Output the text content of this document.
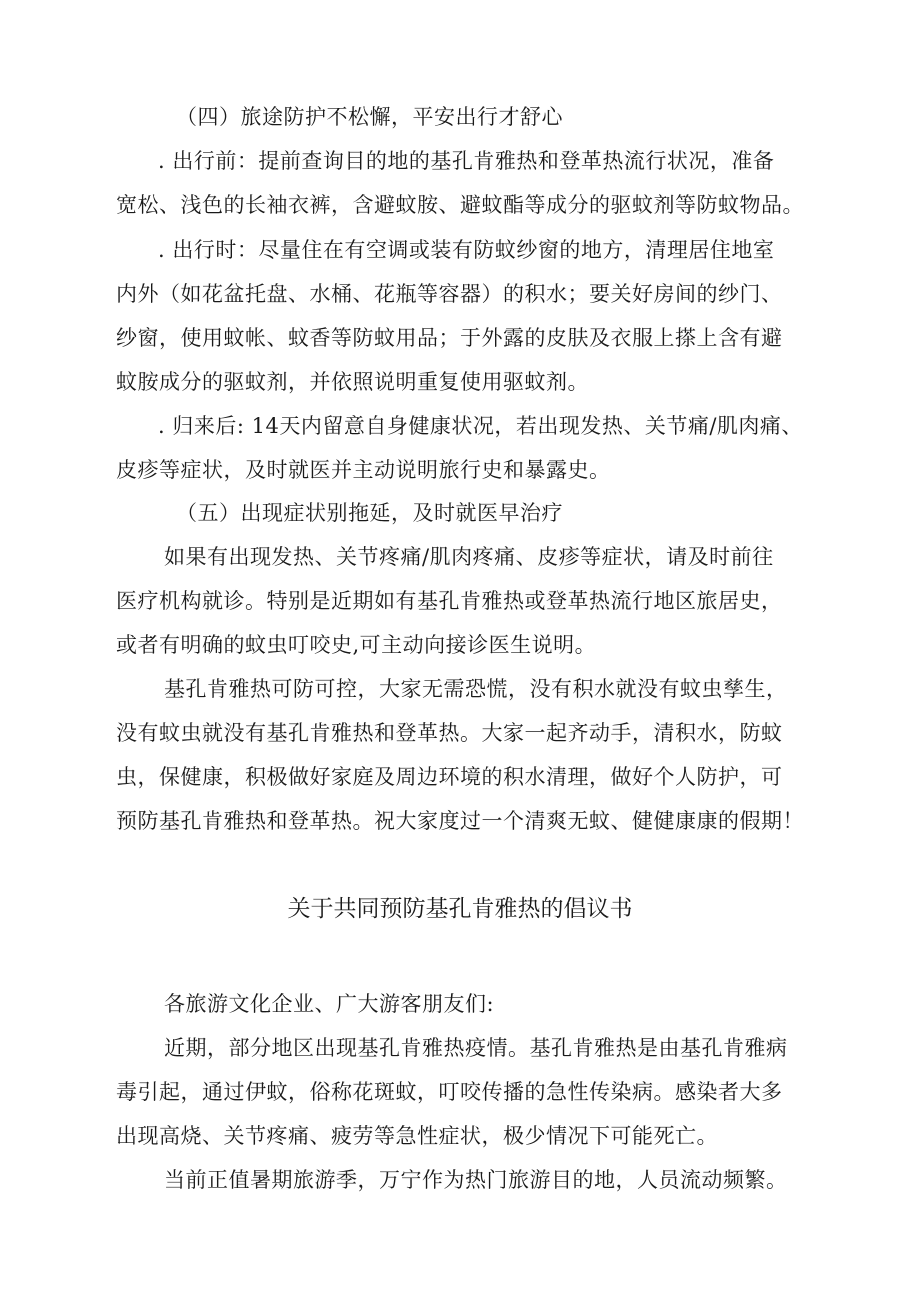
（四）旅途防护不松懈，平安出行才舒心
. 出行前：提前查询目的地的基孔肯雅热和登革热流行状况，准备
宽松、浅色的长袖衣裤，含避蚊胺、避蚊酯等成分的驱蚊剂等防蚊物品。
. 出行时：尽量住在有空调或装有防蚊纱窗的地方，清理居住地室
内外（如花盆托盘、水桶、花瓶等容器）的积水；要关好房间的纱门、
纱窗，使用蚊帐、蚊香等防蚊用品；于外露的皮肤及衣服上搽上含有避
蚊胺成分的驱蚊剂，并依照说明重复使用驱蚊剂。
. 归来后: 14天内留意自身健康状况，若出现发热、关节痛/肌肉痛、
皮疹等症状，及时就医并主动说明旅行史和暴露史。
（五）出现症状别拖延，及时就医早治疗
如果有出现发热、关节疼痛/肌肉疼痛、皮疹等症状，请及时前往
医疗机构就诊。特别是近期如有基孔肯雅热或登革热流行地区旅居史，
或者有明确的蚊虫叮咬史,可主动向接诊医生说明。
基孔肯雅热可防可控，大家无需恐慌，没有积水就没有蚊虫孳生，
没有蚊虫就没有基孔肯雅热和登革热。大家一起齐动手，清积水，防蚊
虫，保健康，积极做好家庭及周边环境的积水清理，做好个人防护，可
预防基孔肯雅热和登革热。祝大家度过一个清爽无蚊、健健康康的假期！
关于共同预防基孔肯雅热的倡议书
各旅游文化企业、广大游客朋友们:
近期，部分地区出现基孔肯雅热疫情。基孔肯雅热是由基孔肯雅病
毒引起，通过伊蚊，俗称花斑蚊，叮咬传播的急性传染病。感染者大多
出现高烧、关节疼痛、疲劳等急性症状，极少情况下可能死亡。
当前正值暑期旅游季，万宁作为热门旅游目的地，人员流动频繁。
